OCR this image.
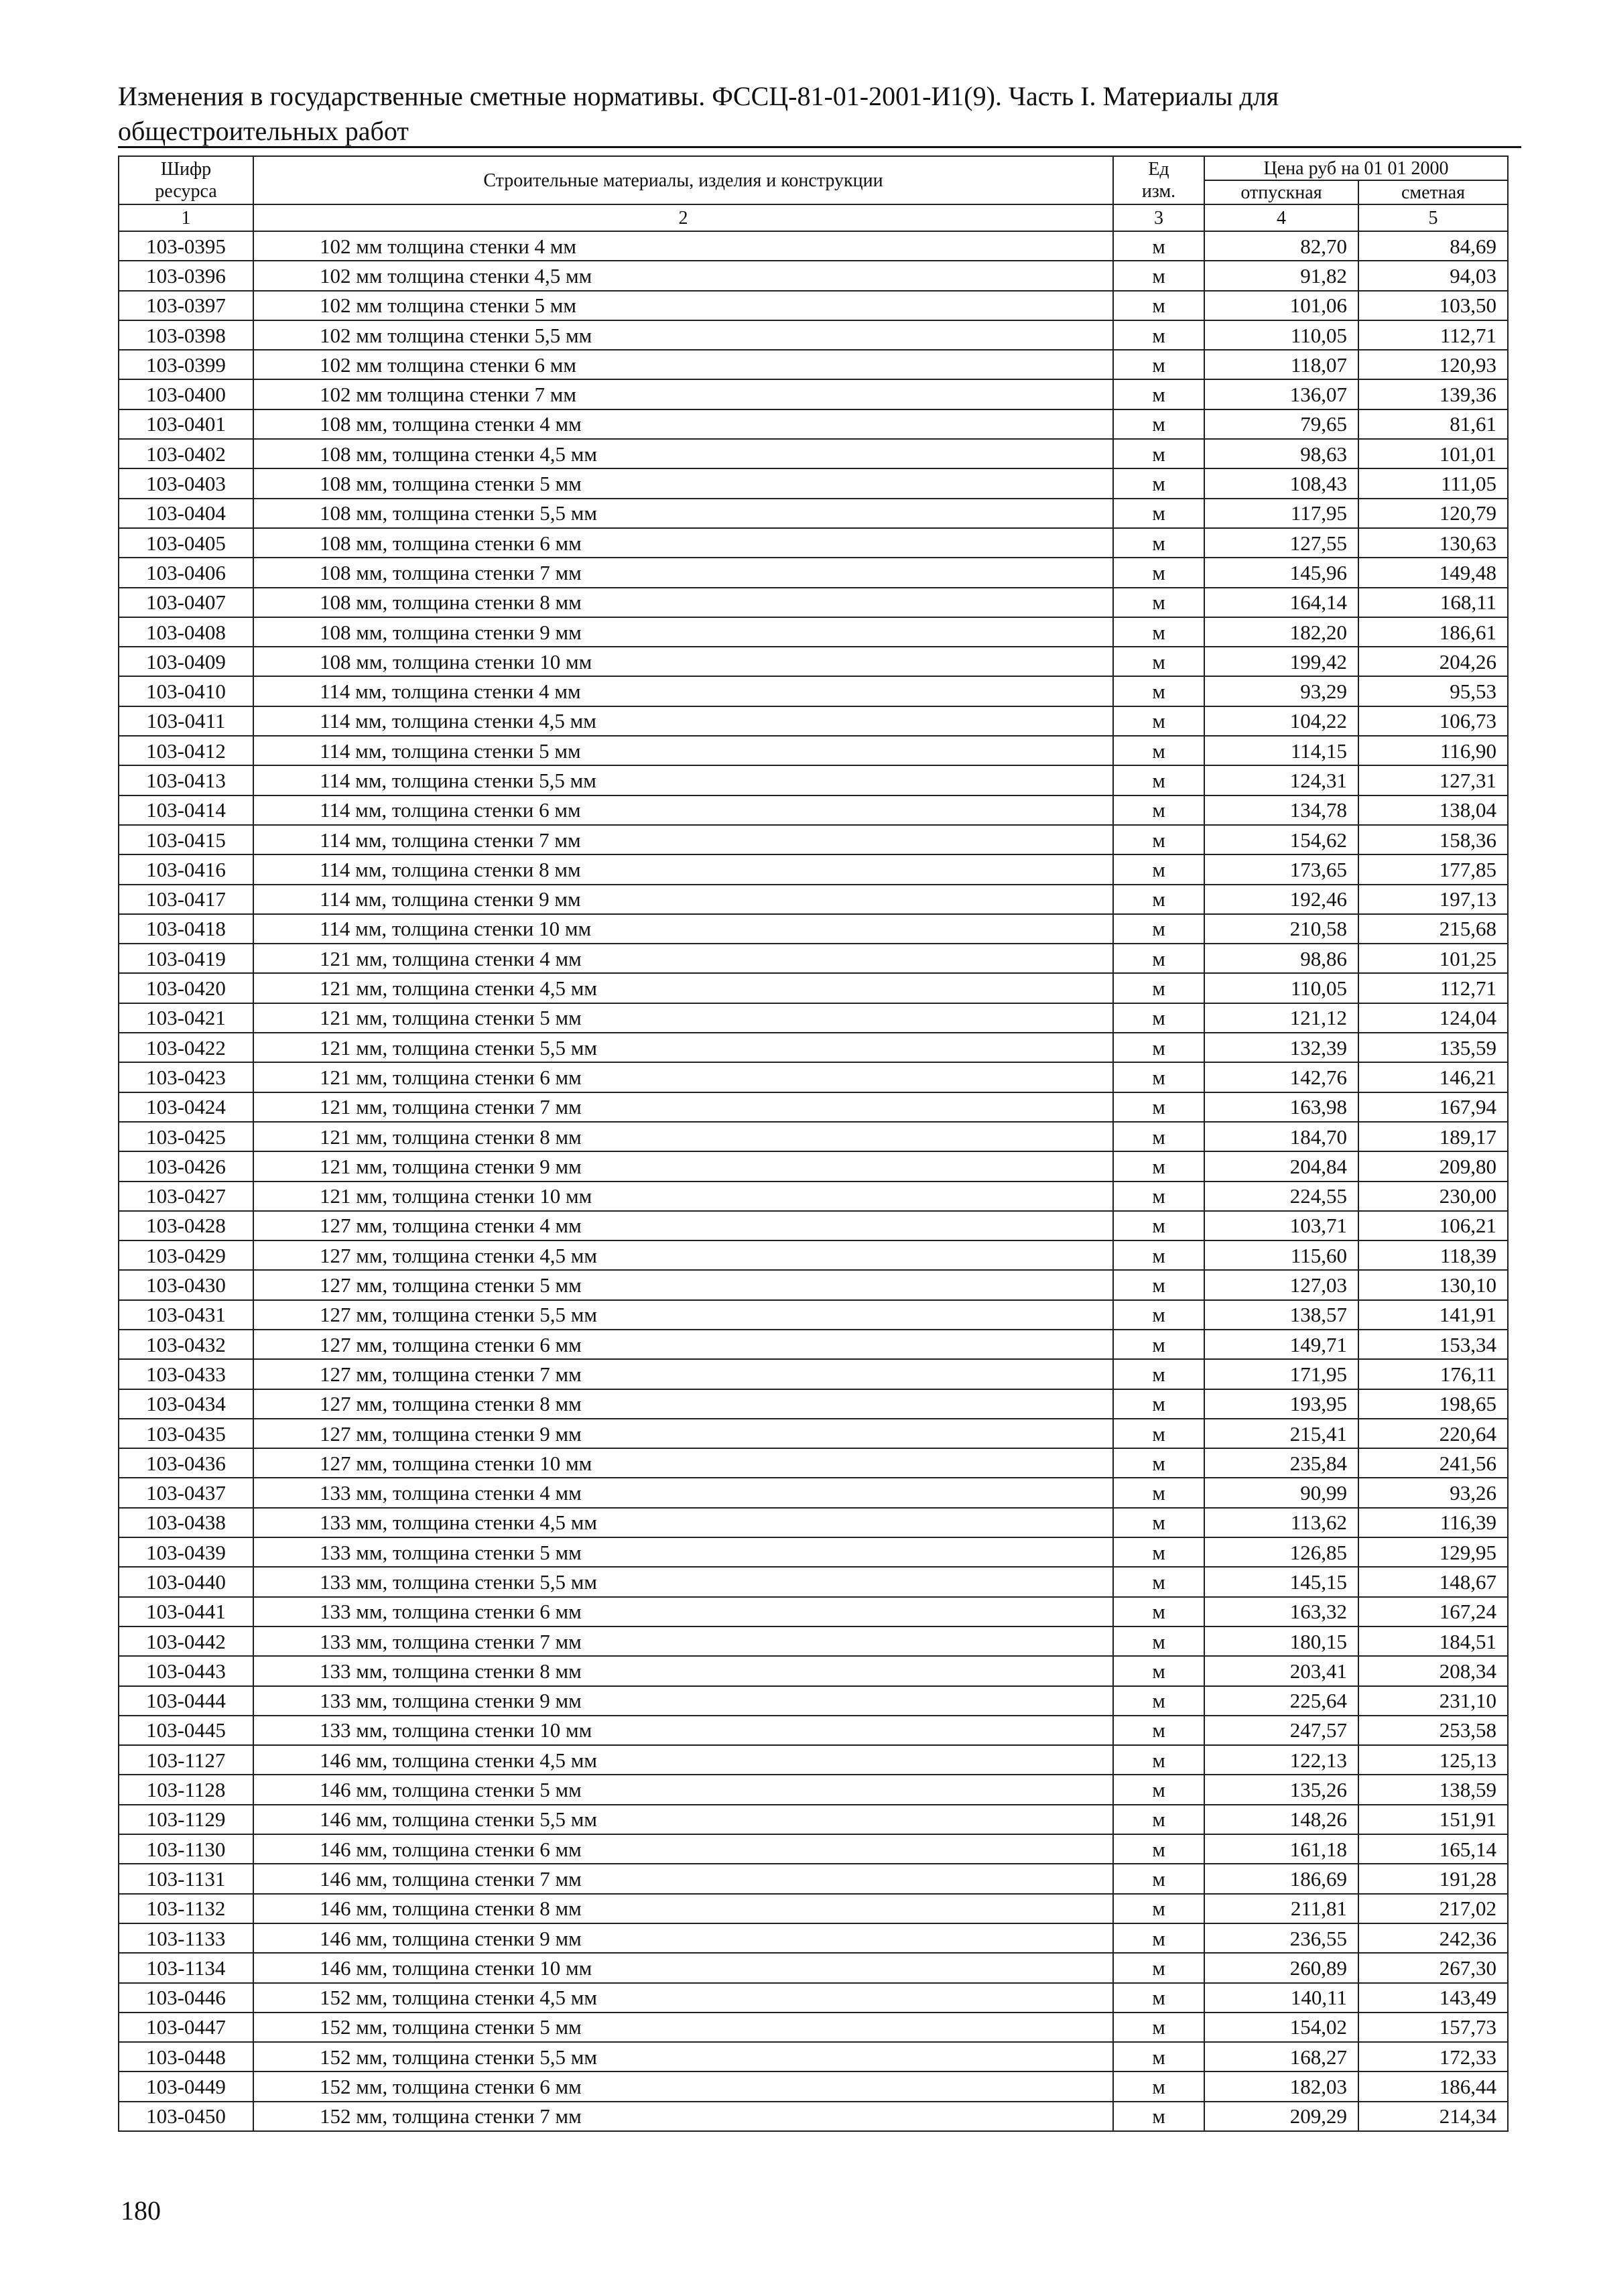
Изменения в государственные сметные нормативы. ФССЦ-81-01-2001-И1(9). Часть I. Материалы для
общестроительных работ
Шифр ресурса	Строительные материалы, изделия и конструкции	Ед изм.	Цена руб на 01 01 2000	
			отпускная	сметная
1	2	3	4	5
103-0395	102 мм толщина стенки 4 мм	м	82,70	84,69
103-0396	102 мм толщина стенки 4,5 мм	м	91,82	94,03
103-0397	102 мм толщина стенки 5 мм	м	101,06	103,50
103-0398	102 мм толщина стенки 5,5 мм	м	110,05	112,71
103-0399	102 мм толщина стенки 6 мм	м	118,07	120,93
103-0400	102 мм толщина стенки 7 мм	м	136,07	139,36
103-0401	108 мм, толщина стенки 4 мм	м	79,65	81,61
103-0402	108 мм, толщина стенки 4,5 мм	м	98,63	101,01
103-0403	108 мм, толщина стенки 5 мм	м	108,43	111,05
103-0404	108 мм, толщина стенки 5,5 мм	м	117,95	120,79
103-0405	108 мм, толщина стенки 6 мм	м	127,55	130,63
103-0406	108 мм, толщина стенки 7 мм	м	145,96	149,48
103-0407	108 мм, толщина стенки 8 мм	м	164,14	168,11
103-0408	108 мм, толщина стенки 9 мм	м	182,20	186,61
103-0409	108 мм, толщина стенки 10 мм	м	199,42	204,26
103-0410	114 мм, толщина стенки 4 мм	м	93,29	95,53
103-0411	114 мм, толщина стенки 4,5 мм	м	104,22	106,73
103-0412	114 мм, толщина стенки 5 мм	м	114,15	116,90
103-0413	114 мм, толщина стенки 5,5 мм	м	124,31	127,31
103-0414	114 мм, толщина стенки 6 мм	м	134,78	138,04
103-0415	114 мм, толщина стенки 7 мм	м	154,62	158,36
103-0416	114 мм, толщина стенки 8 мм	м	173,65	177,85
103-0417	114 мм, толщина стенки 9 мм	м	192,46	197,13
103-0418	114 мм, толщина стенки 10 мм	м	210,58	215,68
103-0419	121 мм, толщина стенки 4 мм	м	98,86	101,25
103-0420	121 мм, толщина стенки 4,5 мм	м	110,05	112,71
103-0421	121 мм, толщина стенки 5 мм	м	121,12	124,04
103-0422	121 мм, толщина стенки 5,5 мм	м	132,39	135,59
103-0423	121 мм, толщина стенки 6 мм	м	142,76	146,21
103-0424	121 мм, толщина стенки 7 мм	м	163,98	167,94
103-0425	121 мм, толщина стенки 8 мм	м	184,70	189,17
103-0426	121 мм, толщина стенки 9 мм	м	204,84	209,80
103-0427	121 мм, толщина стенки 10 мм	м	224,55	230,00
103-0428	127 мм, толщина стенки 4 мм	м	103,71	106,21
103-0429	127 мм, толщина стенки 4,5 мм	м	115,60	118,39
103-0430	127 мм, толщина стенки 5 мм	м	127,03	130,10
103-0431	127 мм, толщина стенки 5,5 мм	м	138,57	141,91
103-0432	127 мм, толщина стенки 6 мм	м	149,71	153,34
103-0433	127 мм, толщина стенки 7 мм	м	171,95	176,11
103-0434	127 мм, толщина стенки 8 мм	м	193,95	198,65
103-0435	127 мм, толщина стенки 9 мм	м	215,41	220,64
103-0436	127 мм, толщина стенки 10 мм	м	235,84	241,56
103-0437	133 мм, толщина стенки 4 мм	м	90,99	93,26
103-0438	133 мм, толщина стенки 4,5 мм	м	113,62	116,39
103-0439	133 мм, толщина стенки 5 мм	м	126,85	129,95
103-0440	133 мм, толщина стенки 5,5 мм	м	145,15	148,67
103-0441	133 мм, толщина стенки 6 мм	м	163,32	167,24
103-0442	133 мм, толщина стенки 7 мм	м	180,15	184,51
103-0443	133 мм, толщина стенки 8 мм	м	203,41	208,34
103-0444	133 мм, толщина стенки 9 мм	м	225,64	231,10
103-0445	133 мм, толщина стенки 10 мм	м	247,57	253,58
103-1127	146 мм, толщина стенки 4,5 мм	м	122,13	125,13
103-1128	146 мм, толщина стенки 5 мм	м	135,26	138,59
103-1129	146 мм, толщина стенки 5,5 мм	м	148,26	151,91
103-1130	146 мм, толщина стенки 6 мм	м	161,18	165,14
103-1131	146 мм, толщина стенки 7 мм	м	186,69	191,28
103-1132	146 мм, толщина стенки 8 мм	м	211,81	217,02
103-1133	146 мм, толщина стенки 9 мм	м	236,55	242,36
103-1134	146 мм, толщина стенки 10 мм	м	260,89	267,30
103-0446	152 мм, толщина стенки 4,5 мм	м	140,11	143,49
103-0447	152 мм, толщина стенки 5 мм	м	154,02	157,73
103-0448	152 мм, толщина стенки 5,5 мм	м	168,27	172,33
103-0449	152 мм, толщина стенки 6 мм	м	182,03	186,44
103-0450	152 мм, толщина стенки 7 мм	м	209,29	214,34
180
